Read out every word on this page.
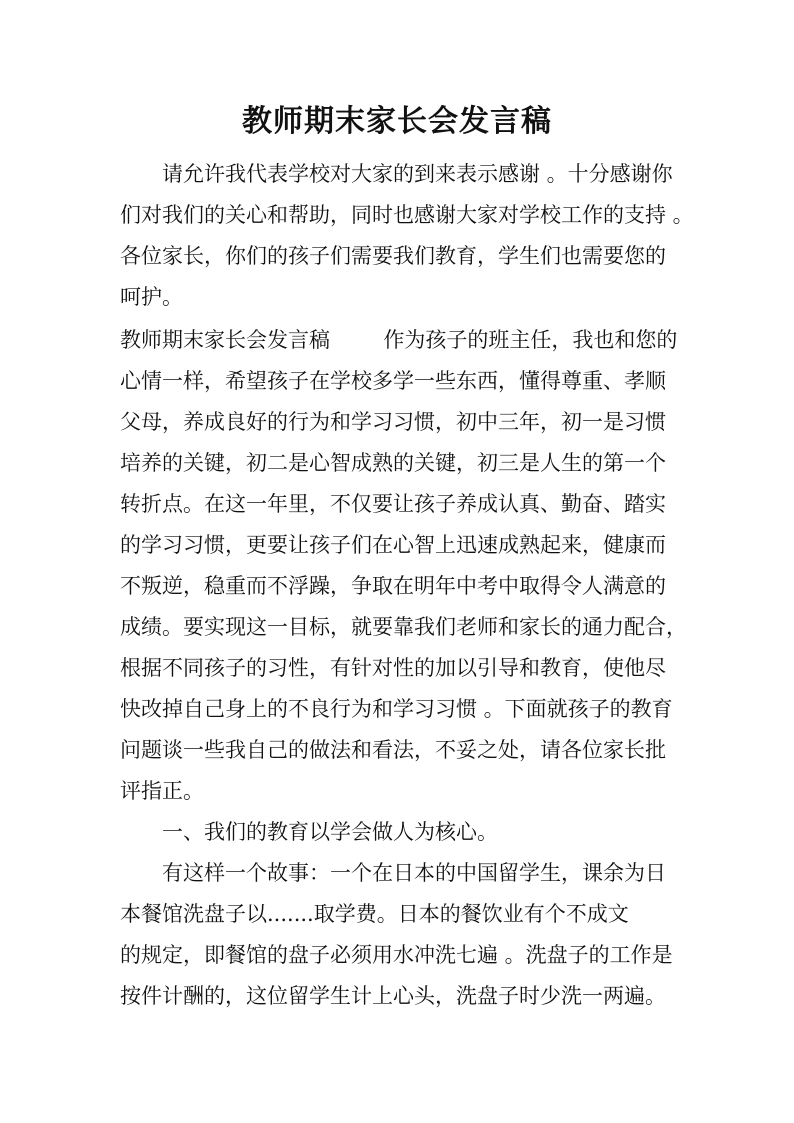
教师期末家长会发言稿
请允许我代表学校对大家的到来表示感谢 。十分感谢你
们对我们的关心和帮助，同时也感谢大家对学校工作的支持 。
各位家长，你们的孩子们需要我们教育，学生们也需要您的
呵护。
教师期末家长会发言稿        作为孩子的班主任，我也和您的
心情一样，希望孩子在学校多学一些东西，懂得尊重、孝顺
父母，养成良好的行为和学习习惯，初中三年，初一是习惯
培养的关键，初二是心智成熟的关键，初三是人生的第一个
转折点。在这一年里，不仅要让孩子养成认真、勤奋、踏实
的学习习惯，更要让孩子们在心智上迅速成熟起来，健康而
不叛逆，稳重而不浮躁，争取在明年中考中取得令人满意的
成绩。要实现这一目标，就要靠我们老师和家长的通力配合，
根据不同孩子的习性，有针对性的加以引导和教育，使他尽
快改掉自己身上的不良行为和学习习惯 。下面就孩子的教育
问题谈一些我自己的做法和看法，不妥之处，请各位家长批
评指正。
一、我们的教育以学会做人为核心。
有这样一个故事：一个在日本的中国留学生，课余为日
本餐馆洗盘子以.......取学费。日本的餐饮业有个不成文
的规定，即餐馆的盘子必须用水冲洗七遍 。洗盘子的工作是
按件计酬的，这位留学生计上心头，洗盘子时少洗一两遍。
